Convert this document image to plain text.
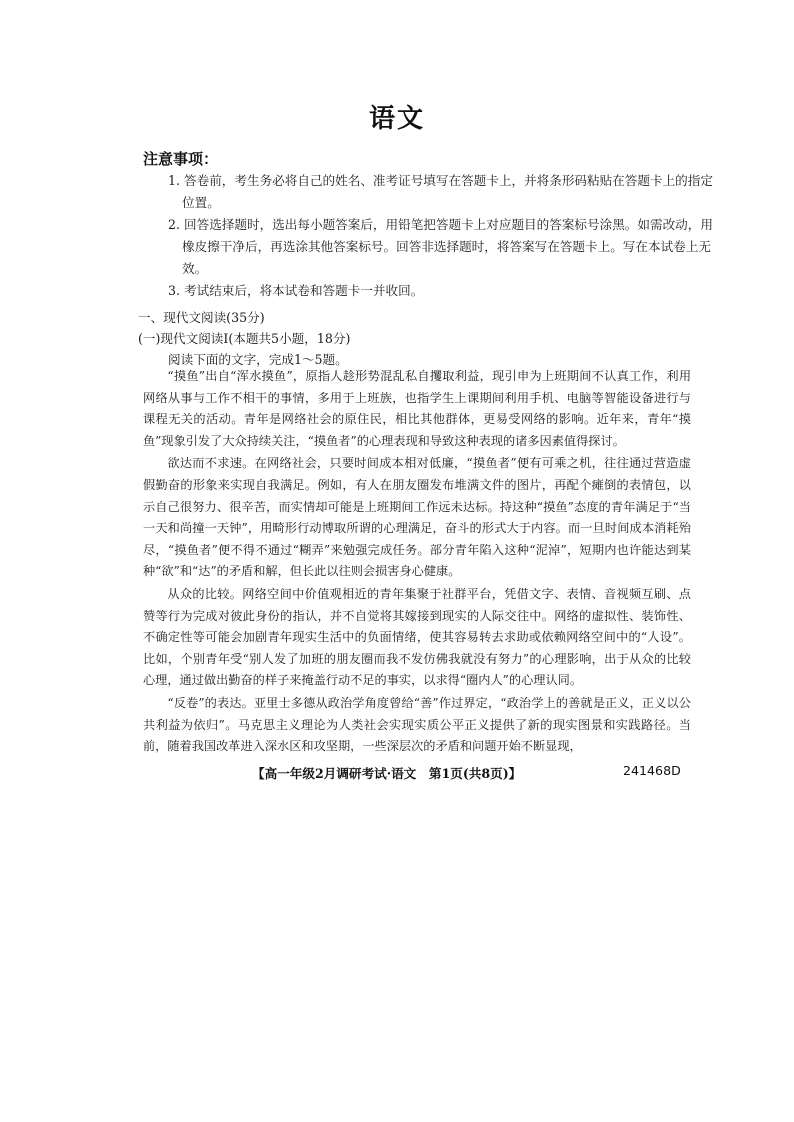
语文
注意事项：
1. 答卷前，考生务必将自己的姓名、准考证号填写在答题卡上，并将条形码粘贴在答题卡上的指定位置。
2. 回答选择题时，选出每小题答案后，用铅笔把答题卡上对应题目的答案标号涂黑。如需改动，用橡皮擦干净后，再选涂其他答案标号。回答非选择题时，将答案写在答题卡上。写在本试卷上无效。
3. 考试结束后，将本试卷和答题卡一并收回。
一、现代文阅读(35分)
(一)现代文阅读Ⅰ(本题共5小题，18分)
阅读下面的文字，完成1～5题。

“摸鱼”出自“浑水摸鱼”，原指人趁形势混乱私自攫取利益，现引申为上班期间不认真工作，利用网络从事与工作不相干的事情，多用于上班族，也指学生上课期间利用手机、电脑等智能设备进行与课程无关的活动。青年是网络社会的原住民，相比其他群体，更易受网络的影响。近年来，青年“摸鱼”现象引发了大众持续关注，“摸鱼者”的心理表现和导致这种表现的诸多因素值得探讨。

欲达而不求速。在网络社会，只要时间成本相对低廉，“摸鱼者”便有可乘之机，往往通过营造虚假勤奋的形象来实现自我满足。例如，有人在朋友圈发布堆满文件的图片，再配个瘫倒的表情包，以示自己很努力、很辛苦，而实情却可能是上班期间工作远未达标。持这种“摸鱼”态度的青年满足于“当一天和尚撞一天钟”，用畸形行动博取所谓的心理满足，奋斗的形式大于内容。而一旦时间成本消耗殆尽，“摸鱼者”便不得不通过“糊弄”来勉强完成任务。部分青年陷入这种“泥淖”，短期内也许能达到某种“欲”和“达”的矛盾和解，但长此以往则会损害身心健康。

从众的比较。网络空间中价值观相近的青年集聚于社群平台，凭借文字、表情、音视频互刷、点赞等行为完成对彼此身份的指认，并不自觉将其嫁接到现实的人际交往中。网络的虚拟性、装饰性、不确定性等可能会加剧青年现实生活中的负面情绪，使其容易转去求助或依赖网络空间中的“人设”。比如，个别青年受“别人发了加班的朋友圈而我不发仿佛我就没有努力”的心理影响，出于从众的比较心理，通过做出勤奋的样子来掩盖行动不足的事实，以求得“圈内人”的心理认同。

“反卷”的表达。亚里士多德从政治学角度曾给“善”作过界定，“政治学上的善就是正义，正义以公共利益为依归”。马克思主义理论为人类社会实现实质公平正义提供了新的现实图景和实践路径。当前，随着我国改革进入深水区和攻坚期，一些深层次的矛盾和问题开始不断显现，

【高一年级2月调研考试·语文　第1页(共8页)】	241468D
